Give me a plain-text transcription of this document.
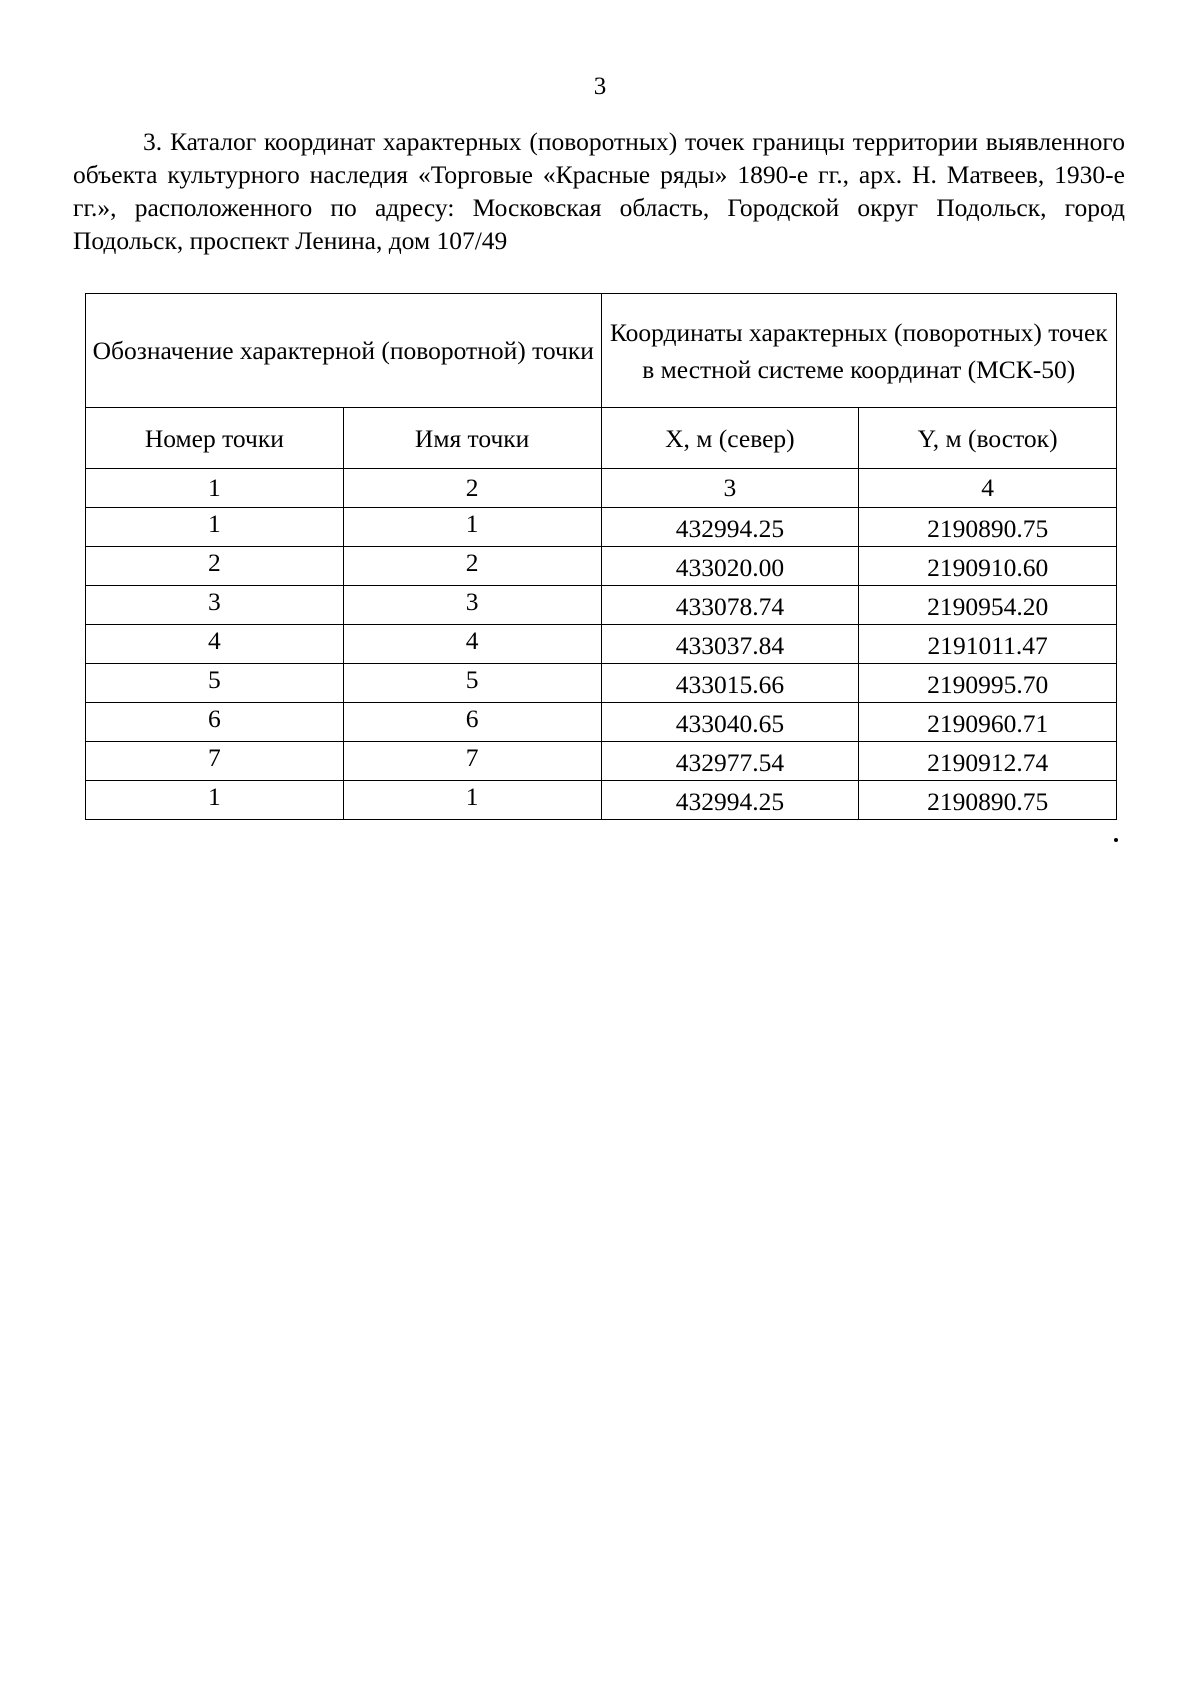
3

3. Каталог координат характерных (поворотных) точек границы территории выявленного объекта культурного наследия «Торговые «Красные ряды» 1890-е гг., арх. Н. Матвеев, 1930-е гг.», расположенного по адресу: Московская область, Городской округ Подольск, город Подольск, проспект Ленина, дом 107/49

Обозначение характерной (поворотной) точки		Координаты характерных (поворотных) точек в местной системе координат (МСК-50)	
Номер точки	Имя точки	X, м (север)	Y, м (восток)
1	2	3	4
1	1	432994.25	2190890.75
2	2	433020.00	2190910.60
3	3	433078.74	2190954.20
4	4	433037.84	2191011.47
5	5	433015.66	2190995.70
6	6	433040.65	2190960.71
7	7	432977.54	2190912.74
1	1	432994.25	2190890.75
